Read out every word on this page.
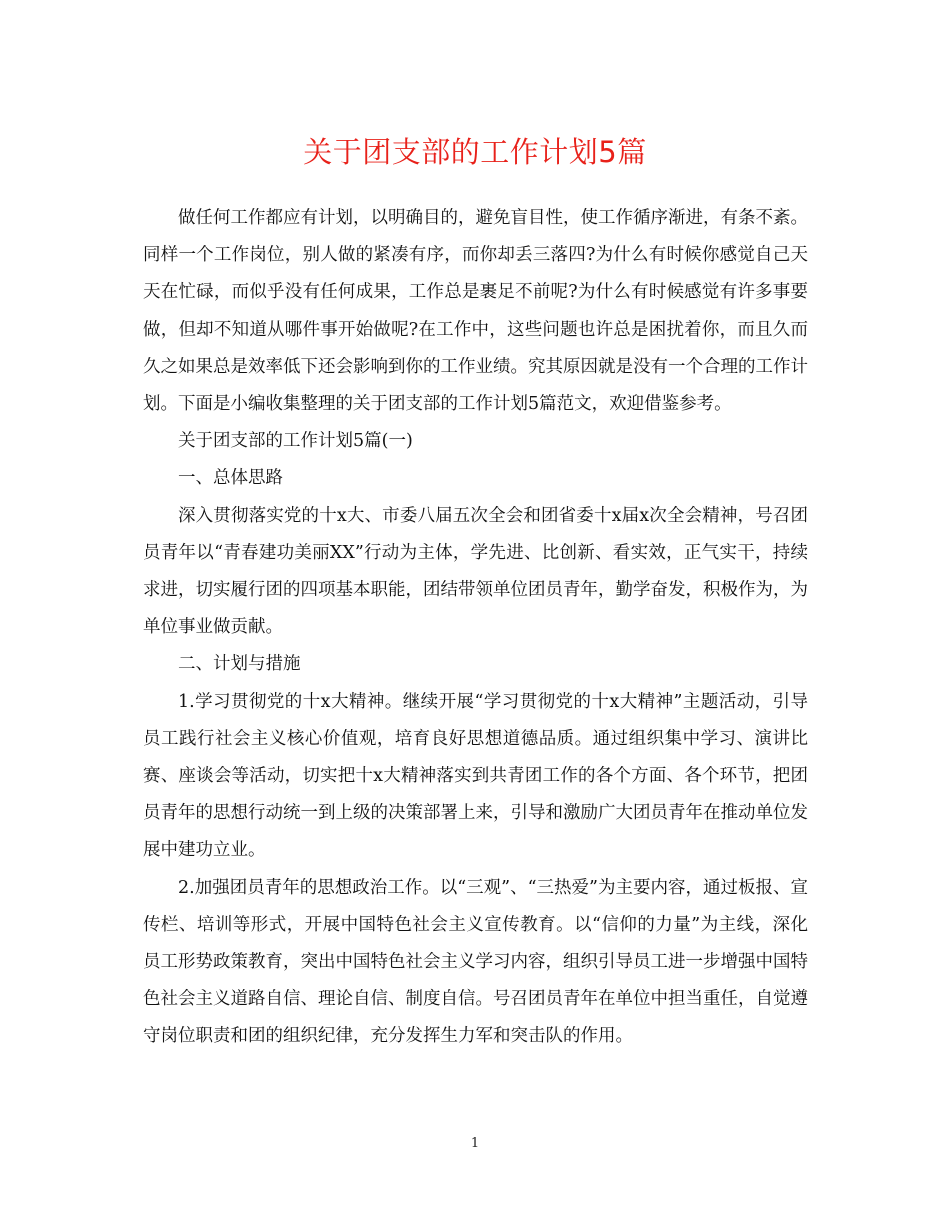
关于团支部的工作计划5篇

做任何工作都应有计划，以明确目的，避免盲目性，使工作循序渐进，有条不紊。同样一个工作岗位，别人做的紧凑有序，而你却丢三落四?为什么有时候你感觉自己天天在忙碌，而似乎没有任何成果，工作总是裹足不前呢?为什么有时候感觉有许多事要做，但却不知道从哪件事开始做呢?在工作中，这些问题也许总是困扰着你，而且久而久之如果总是效率低下还会影响到你的工作业绩。究其原因就是没有一个合理的工作计划。下面是小编收集整理的关于团支部的工作计划5篇范文，欢迎借鉴参考。

关于团支部的工作计划5篇(一)

一、总体思路

深入贯彻落实党的十x大、市委八届五次全会和团省委十x届x次全会精神，号召团员青年以“青春建功美丽XX”行动为主体，学先进、比创新、看实效，正气实干，持续求进，切实履行团的四项基本职能，团结带领单位团员青年，勤学奋发，积极作为，为单位事业做贡献。

二、计划与措施

1.学习贯彻党的十x大精神。继续开展“学习贯彻党的十x大精神”主题活动，引导员工践行社会主义核心价值观，培育良好思想道德品质。通过组织集中学习、演讲比赛、座谈会等活动，切实把十x大精神落实到共青团工作的各个方面、各个环节，把团员青年的思想行动统一到上级的决策部署上来，引导和激励广大团员青年在推动单位发展中建功立业。

2.加强团员青年的思想政治工作。以“三观”、“三热爱”为主要内容，通过板报、宣传栏、培训等形式，开展中国特色社会主义宣传教育。以“信仰的力量”为主线，深化员工形势政策教育，突出中国特色社会主义学习内容，组织引导员工进一步增强中国特色社会主义道路自信、理论自信、制度自信。号召团员青年在单位中担当重任，自觉遵守岗位职责和团的组织纪律，充分发挥生力军和突击队的作用。

1
